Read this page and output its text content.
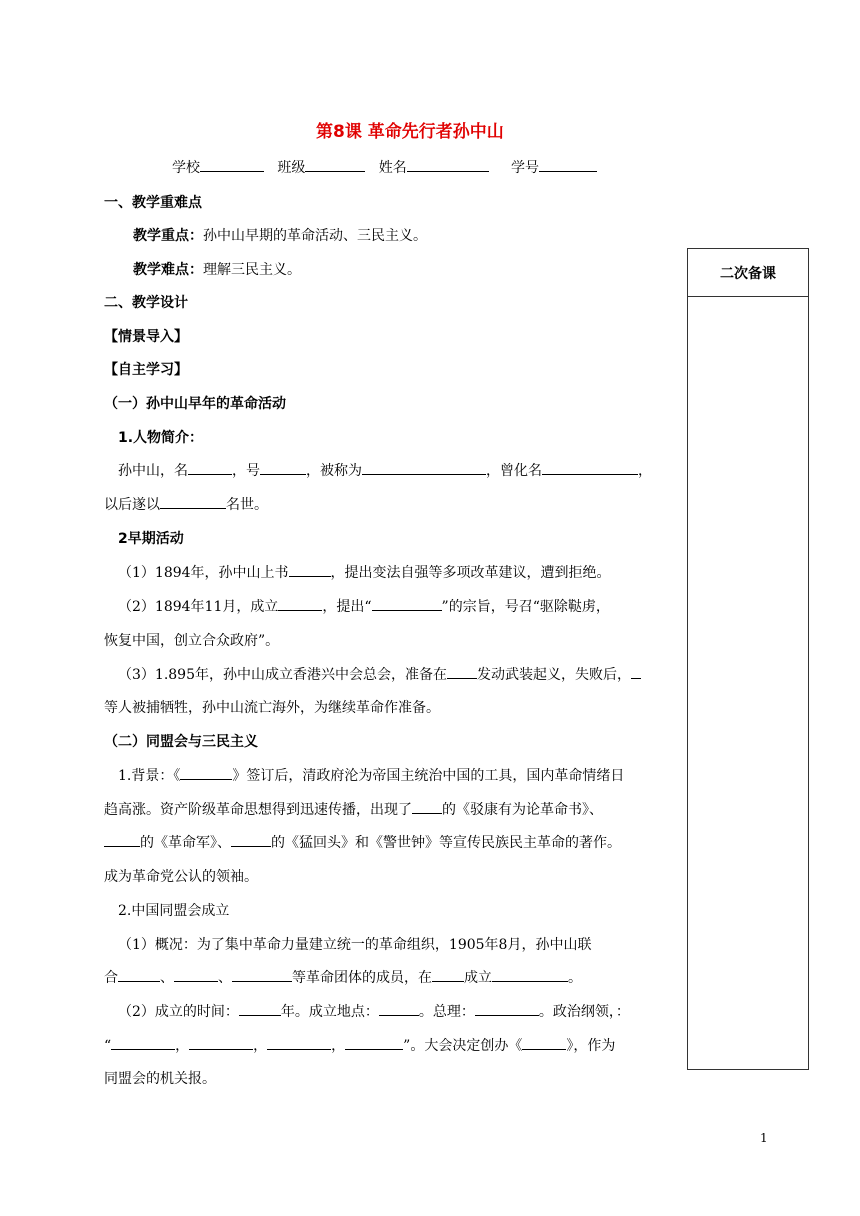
第8课 革命先行者孙中山
学校	班级	姓名	学号
一、教学重难点
教学重点：孙中山早期的革命活动、三民主义。
教学难点：理解三民主义。
二、教学设计
【情景导入】
【自主学习】
（一）孙中山早年的革命活动
1.人物简介：
孙中山，名	，号	，被称为	，曾化名	，
以后遂以	名世。
2早期活动
（1）1894年，孙中山上书	，提出变法自强等多项改革建议，遭到拒绝。
（2）1894年11月，成立	，提出“	”的宗旨，号召“驱除鞑虏，
恢复中国，创立合众政府”。
（3）1.895年，孙中山成立香港兴中会总会，准备在 发动武装起义，失败后，
等人被捕牺牲，孙中山流亡海外，为继续革命作准备。
（二）同盟会与三民主义
1.背景：《	》签订后，清政府沦为帝国主统治中国的工具，国内革命情绪日
趋高涨。资产阶级革命思想得到迅速传播，出现了 的《驳康有为论革命书》、
的《革命军》、	的《猛回头》和《警世钟》等宣传民族民主革命的著作。
成为革命党公认的领袖。
2.中国同盟会成立
（1）概况：为了集中革命力量建立统一的革命组织，1905年8月，孙中山联
合	、	、	等革命团体的成员，在 成立	。
（2）成立的时间：	年。成立地点：	。总理：	。政治纲领，：
“	，	，	，	”。大会决定创办《	》，作为
同盟会的机关报。
二次备课
1
